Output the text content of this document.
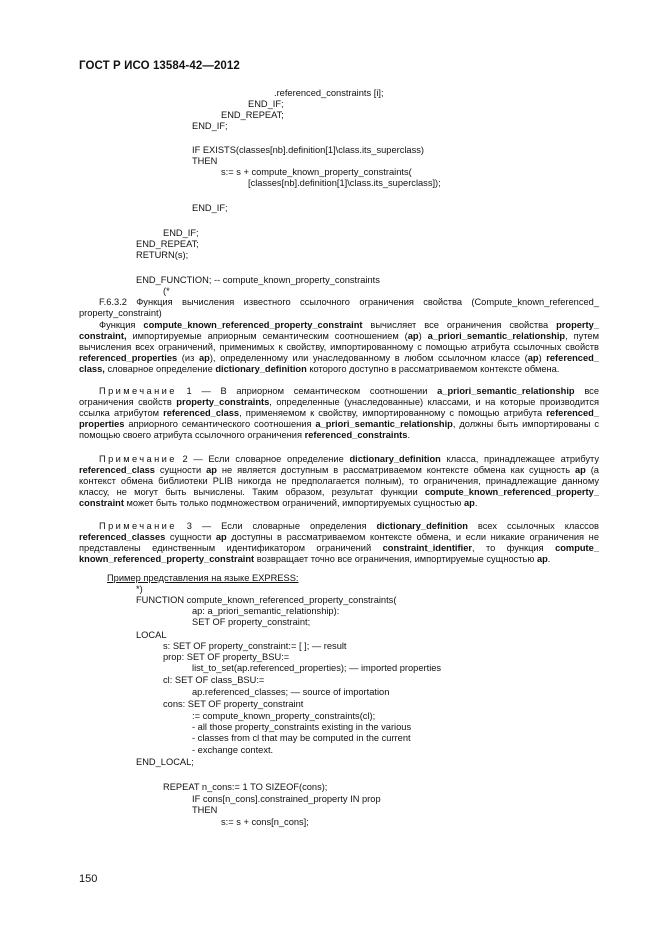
ГОСТ Р ИСО 13584-42—2012
.referenced_constraints [i];
END_IF;
END_REPEAT;
END_IF;
IF EXISTS(classes[nb].definition[1]\class.its_superclass)
THEN
s:= s + compute_known_property_constraints(
[classes[nb].definition[1]\class.its_superclass]);
END_IF;
END_IF;
END_REPEAT;
RETURN(s);
END_FUNCTION; -- compute_known_property_constraints
(*
F.6.3.2 Функция вычисления известного ссылочного ограничения свойства (Compute_known_referenced_ property_constraint)
Функция compute_known_referenced_property_constraint вычисляет все ограничения свойства property_ constraint, импортируемые априорным семантическим соотношением (ap) a_priori_semantic_relationship, путем вычисления всех ограничений, применимых к свойству, импортированному с помощью атрибута ссылочных свойств referenced_properties (из ap), определенному или унаследованному в любом ссылочном классе (ap) referenced_ class, словарное определение dictionary_definition которого доступно в рассматриваемом контексте обмена.
Примечание 1 — В априорном семантическом соотношении a_priori_semantic_relationship все ограничения свойств property_constraints, определенные (унаследованные) классами, и на которые производится ссылка атрибутом referenced_class, применяемом к свойству, импортированному с помощью атрибута referenced_ properties априорного семантического соотношения a_priori_semantic_relationship, должны быть импортированы с помощью своего атрибута ссылочного ограничения referenced_constraints.
Примечание 2 — Если словарное определение dictionary_definition класса, принадлежащее атрибуту referenced_class сущности ap не является доступным в рассматриваемом контексте обмена как сущность ap (а контекст обмена библиотеки PLIB никогда не предполагается полным), то ограничения, принадлежащие данному классу, не могут быть вычислены. Таким образом, результат функции compute_known_referenced_property_ constraint может быть только подмножеством ограничений, импортируемых сущностью ap.
Примечание 3 — Если словарные определения dictionary_definition всех ссылочных классов referenced_classes сущности ap доступны в рассматриваемом контексте обмена, и если никакие ограничения не представлены единственным идентификатором ограничений constraint_identifier, то функция compute_ known_referenced_property_constraint возвращает точно все ограничения, импортируемые сущностью ap.
Пример представления на языке EXPRESS:
*)
FUNCTION compute_known_referenced_property_constraints(
ap: a_priori_semantic_relationship):
SET OF property_constraint;
LOCAL
s: SET OF property_constraint:= [ ]; — result
prop: SET OF property_BSU:=
list_to_set(ap.referenced_properties); — imported properties
cl: SET OF class_BSU:=
ap.referenced_classes; — source of importation
cons: SET OF property_constraint
:= compute_known_property_constraints(cl);
- all those property_constraints existing in the various
- classes from cl that may be computed in the current
- exchange context.
END_LOCAL;
REPEAT n_cons:= 1 TO SIZEOF(cons);
IF cons[n_cons].constrained_property IN prop
THEN
s:= s + cons[n_cons];
150
